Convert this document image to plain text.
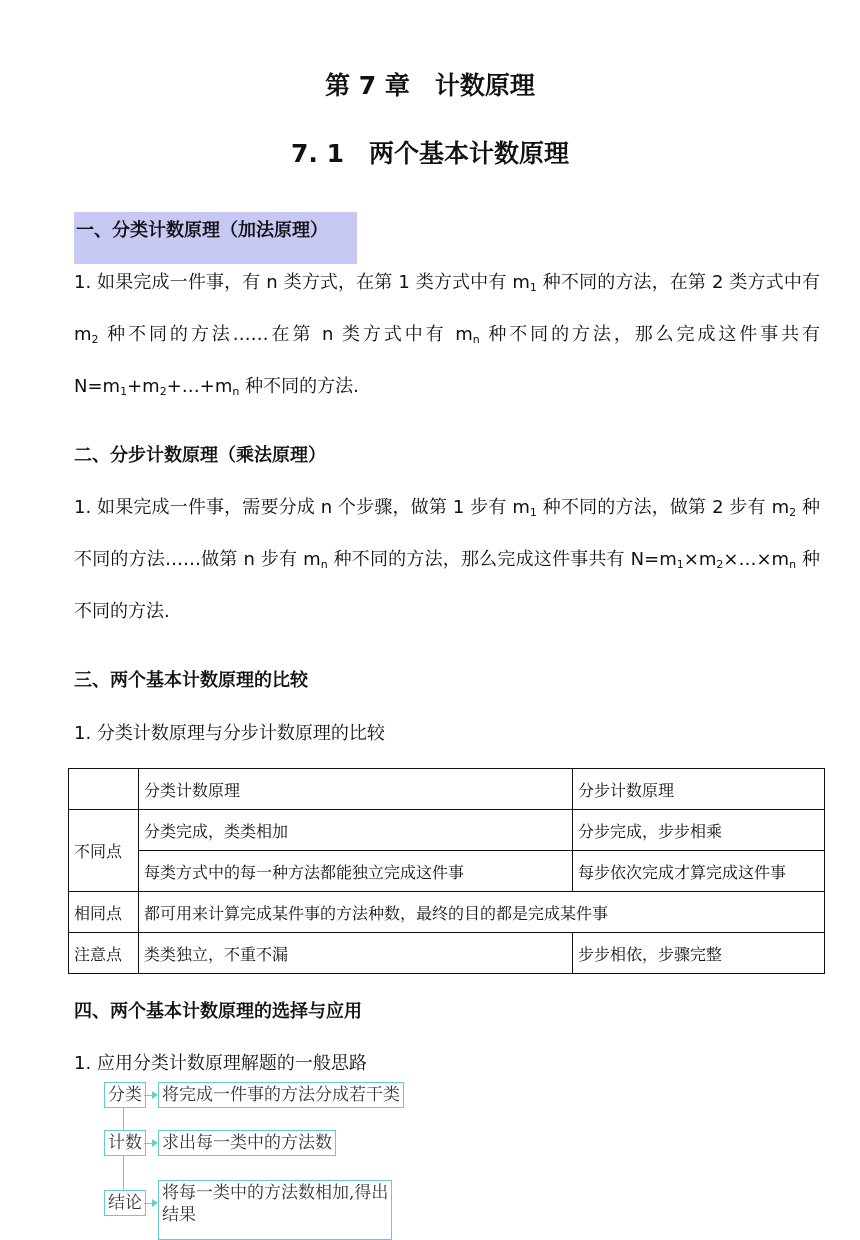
第 7 章　计数原理
7. 1　两个基本计数原理
一、分类计数原理（加法原理）
1. 如果完成一件事，有 n 类方式，在第 1 类方式中有 $m_1$ 种不同的方法，在第 2 类方式中有 $m_2$ 种不同的方法……在第 n 类方式中有 $m_n$ 种不同的方法，那么完成这件事共有 $N=m_1+m_2+\dots+m_n$ 种不同的方法.
二、分步计数原理（乘法原理）
1. 如果完成一件事，需要分成 n 个步骤，做第 1 步有 $m_1$ 种不同的方法，做第 2 步有 $m_2$ 种不同的方法……做第 n 步有 $m_n$ 种不同的方法，那么完成这件事共有 $N=m_1\times m_2\times\dots\times m_n$ 种不同的方法.
三、两个基本计数原理的比较
1. 分类计数原理与分步计数原理的比较
	分类计数原理	分步计数原理
不同点	分类完成，类类相加	分步完成，步步相乘
	每类方式中的每一种方法都能独立完成这件事	每步依次完成才算完成这件事
相同点	都可用来计算完成某件事的方法种数，最终的目的都是完成某件事	
注意点	类类独立，不重不漏	步步相依，步骤完整
四、两个基本计数原理的选择与应用
1. 应用分类计数原理解题的一般思路
分类 将完成一件事的方法分成若干类
计数 求出每一类中的方法数
结论 将每一类中的方法数相加,得出
结果
